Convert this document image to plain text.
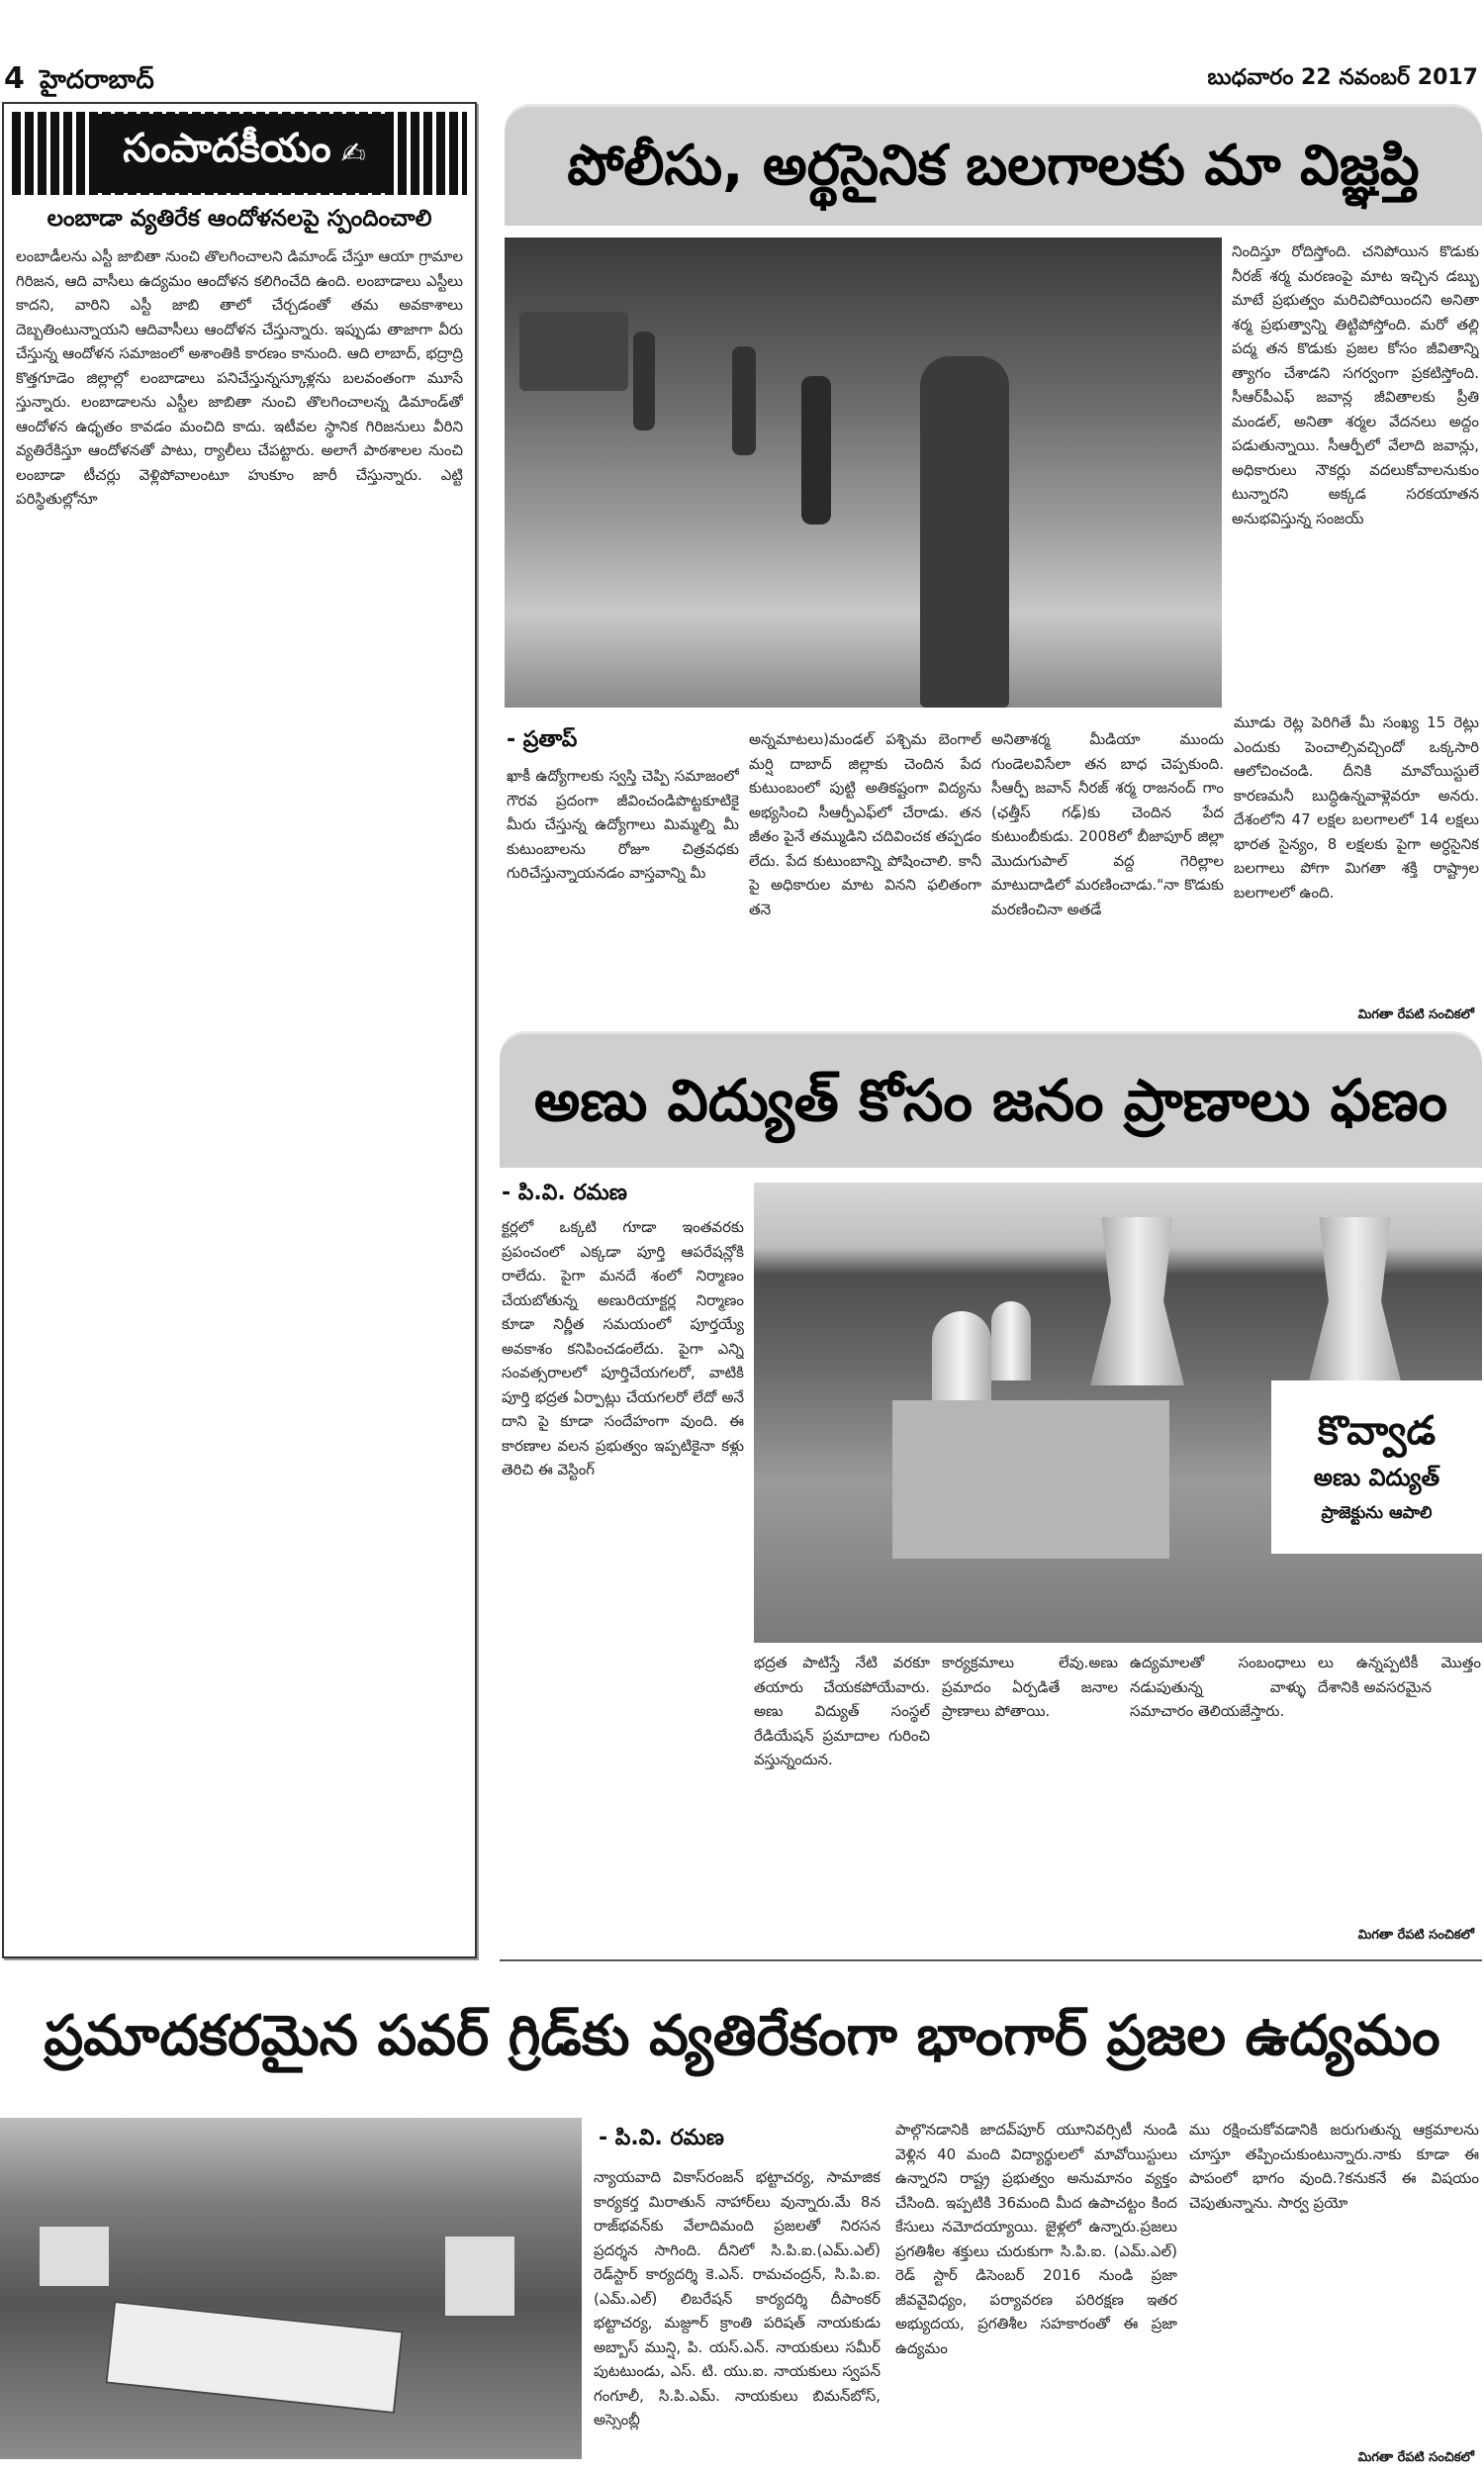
4 హైదరాబాద్	బుధవారం 22 నవంబర్ 2017
సంపాదకీయం ✍
లంబాడా వ్యతిరేక ఆందోళనలపై స్పందించాలి

లంబాడీలను ఎస్టీ జాబితా నుంచి తొలగించాలని డిమాండ్ చేస్తూ ఆయా గ్రామాల గిరిజన, ఆది వాసీలు ఉద్యమం ఆందోళన కలిగించేది ఉంది. లంబాడాలు ఎస్టీలు కాదని, వారిని ఎస్టీ జాబి తాలో చేర్చడంతో తమ అవకాశాలు దెబ్బతింటున్నాయని ఆదివాసీలు ఆందోళన చేస్తున్నారు. ఇప్పుడు తాజాగా వీరు చేస్తున్న ఆందోళన సమాజంలో అశాంతికి కారణం కానుంది. ఆది లాబాద్, భద్రాద్రి కొత్తగూడెం జిల్లాల్లో లంబాడాలు పనిచేస్తున్నస్కూళ్లను బలవంతంగా మూసే స్తున్నారు. లంబాడాలను ఎస్టీల జాబితా నుంచి తొలగించాలన్న డిమాండ్‌తో ఆందోళన ఉధృతం కావడం మంచిది కాదు. ఇటీవల స్థానిక గిరిజనులు వీరిని వ్యతిరేకిస్తూ ఆందోళనతో పాటు, ర్యాలీలు చేపట్టారు. అలాగే పాఠశాలల నుంచి లంబాడా టీచర్లు వెళ్లిపోవాలంటూ హుకూం జారీ చేస్తున్నారు. ఎట్టి పరిస్థితుల్లోనూ

పోలీసు, అర్థసైనిక బలగాలకు మా విజ్ఞప్తి
నిందిస్తూ రోదిస్తోంది. చనిపోయిన కొడుకు నీరజ్ శర్మ మరణంపై మాట ఇచ్చిన డబ్బు మాటే ప్రభుత్వం మరిచిపోయిందని అనితా శర్మ ప్రభుత్వాన్ని తిట్టిపోస్తోంది. మరో తల్లి పద్మ తన కొడుకు ప్రజల కోసం జీవితాన్ని త్యాగం చేశాడని సగర్వంగా ప్రకటిస్తోంది. సీఆర్‌పీఎఫ్ జవాన్ల జీవితాలకు ప్రీతి మండల్, అనితా శర్మల వేదనలు అద్దం పడుతున్నాయి. సీఆర్పీలో వేలాది జవాన్లు, అధికారులు నౌకర్లు వదలుకోవాలనుకుం టున్నారని అక్కడ సరకయాతన అనుభవిస్తున్న సంజయ్
- ప్రతాప్
ఖాకీ ఉద్యోగాలకు స్వస్తి చెప్పి సమాజంలో గౌరవ ప్రదంగా జీవించండిపొట్టకూటికై మీరు చేస్తున్న ఉద్యోగాలు మిమ్మల్ని మీ కుటుంబాలను రోజూ చిత్రవధకు గురిచేస్తున్నాయనడం వాస్తవాన్ని మీ
అన్నమాటలు)మండల్ పశ్చిమ బెంగాల్ మర్షి దాబాద్ జిల్లాకు చెందిన పేద కుటుంబంలో పుట్టి అతికష్టంగా విద్యను అభ్యసించి సీఆర్పీఎఫ్‌లో చేరాడు. తన జీతం పైనే తమ్ముడిని చదివించక తప్పడం లేదు. పేద కుటుంబాన్ని పోషించాలి. కానీ పై అధికారుల మాట వినని ఫలితంగా తనె
అనితాశర్మ మీడియా ముందు గుండెలవిసేలా తన బాధ చెప్పకుంది. సీఆర్పీ జవాన్ నీరజ్ శర్మ రాజనంద్ గాం (ఛత్తీస్ గఢ్)కు చెందిన పేద కుటుంబీకుడు. 2008లో బీజాపూర్ జిల్లా మొదుగుపాల్ వద్ద గెరిల్లాల మాటుదాడిలో మరణించాడు."నా కొడుకు మరణించినా అతడే
మూడు రెట్ల పెరిగితే మీ సంఖ్య 15 రెట్లు ఎందుకు పెంచాల్సివచ్చిందో ఒక్కసారి ఆలోచించండి. దీనికి మావోయిస్టులే కారణమనీ బుద్ధిఉన్నవాళ్లెవరూ అనరు. దేశంలోని 47 లక్షల బలగాలలో 14 లక్షలు భారత సైన్యం, 8 లక్షలకు పైగా అర్ధసైనిక బలగాలు పోగా మిగతా శక్తి రాష్ట్రాల బలగాలలో ఉంది.
మిగతా రేపటి సంచికలో
అణు విద్యుత్ కోసం జనం ప్రాణాలు ఫణం
- పి.వి. రమణ
క్టర్లలో ఒక్కటి గూడా ఇంతవరకు ప్రపంచంలో ఎక్కడా పూర్తి ఆపరేషన్లోకి రాలేదు. పైగా మనదే శంలో నిర్మాణం చేయబోతున్న అణురియాక్టర్ల నిర్మాణం కూడా నిర్ణీత సమయంలో పూర్తయ్యే అవకాశం కనిపించడంలేదు. పైగా ఎన్ని సంవత్సరాలలో పూర్తిచేయగలరో, వాటికి పూర్తి భద్రత ఏర్పాట్లు చేయగలరో లేదో అనే దాని పై కూడా సందేహంగా వుంది. ఈ కారణాల వలన ప్రభుత్వం ఇప్పటికైనా కళ్లు తెరిచి ఈ వెస్టింగ్
కొవ్వాడ
అణు విద్యుత్
ప్రాజెక్టును ఆపాలి
భద్రత పాటిస్తే నేటి వరకూ తయారు చేయకపోయేవారు. అణు విద్యుత్ సంస్థల్ రేడియేషన్ ప్రమాదాల గురించి వస్తున్నందున.
కార్యక్రమాలు లేవు.అణు ప్రమాదం ఏర్పడితే జనాల ప్రాణాలు పోతాయి.
ఉద్యమాలతో సంబంధాలు నడుపుతున్న వాళ్ళు సమాచారం తెలియజేస్తారు.
లు ఉన్నప్పటికీ మొత్తం దేశానికి అవసరమైన
మిగతా రేపటి సంచికలో
ప్రమాదకరమైన పవర్ గ్రిడ్‌కు వ్యతిరేకంగా భాంగార్ ప్రజల ఉద్యమం
- పి.వి. రమణ
న్యాయవాది వికాస్‌రంజన్ భట్టాచర్య, సామాజిక కార్యకర్త మిరాతున్ నాహార్‌లు వున్నారు.మే 8న రాజ్‌భవన్‌కు వేలాదిమంది ప్రజలతో నిరసన ప్రదర్శన సాగింది. దీనిలో సి.పి.ఐ.(ఎమ్.ఎల్) రెడ్‌స్టార్ కార్యదర్శి కె.ఎన్. రామచంద్రన్, సి.పి.ఐ.(ఎమ్.ఎల్) లిబరేషన్ కార్యదర్శి దీపాంకర్ భట్టాచర్య, మజ్దూర్ క్రాంతి పరిషత్ నాయకుడు అబ్బాస్ మున్షి, పి. యస్.ఎన్. నాయకులు సమీర్ పుటటుండు, ఎస్. టి. యు.ఐ. నాయకులు స్వపన్ గంగూలీ, సి.పి.ఎమ్. నాయకులు బిమన్‌బోస్, అస్సెంబ్లీ
పాల్గొనడానికి జాదవ్‌పూర్ యూనివర్సిటీ నుండి వెళ్లిన 40 మంది విద్యార్థులలో మావోయిస్టులు ఉన్నారని రాష్ట్ర ప్రభుత్వం అనుమానం వ్యక్తం చేసింది. ఇప్పటికి 36మంది మీద ఉపాచట్టం కింద కేసులు నమోదయ్యాయి. జైళ్లలో ఉన్నారు.ప్రజలు ప్రగతిశీల శక్తులు చురుకుగా సి.పి.ఐ. (ఎమ్.ఎల్) రెడ్ స్టార్ డిసెంబర్ 2016 నుండి ప్రజా జీవవైవిధ్యం, పర్యావరణ పరిరక్షణ ఇతర అభ్యుదయ, ప్రగతిశీల సహకారంతో ఈ ప్రజా ఉద్యమం
ము రక్షించుకోవడానికి జరుగుతున్న ఆక్రమాలను చూస్తూ తప్పించుకుంటున్నారు.నాకు కూడా ఈ పాపంలో భాగం వుంది.?కనుకనే ఈ విషయం చెపుతున్నాను. సార్వ ప్రయో
మిగతా రేపటి సంచికలో
